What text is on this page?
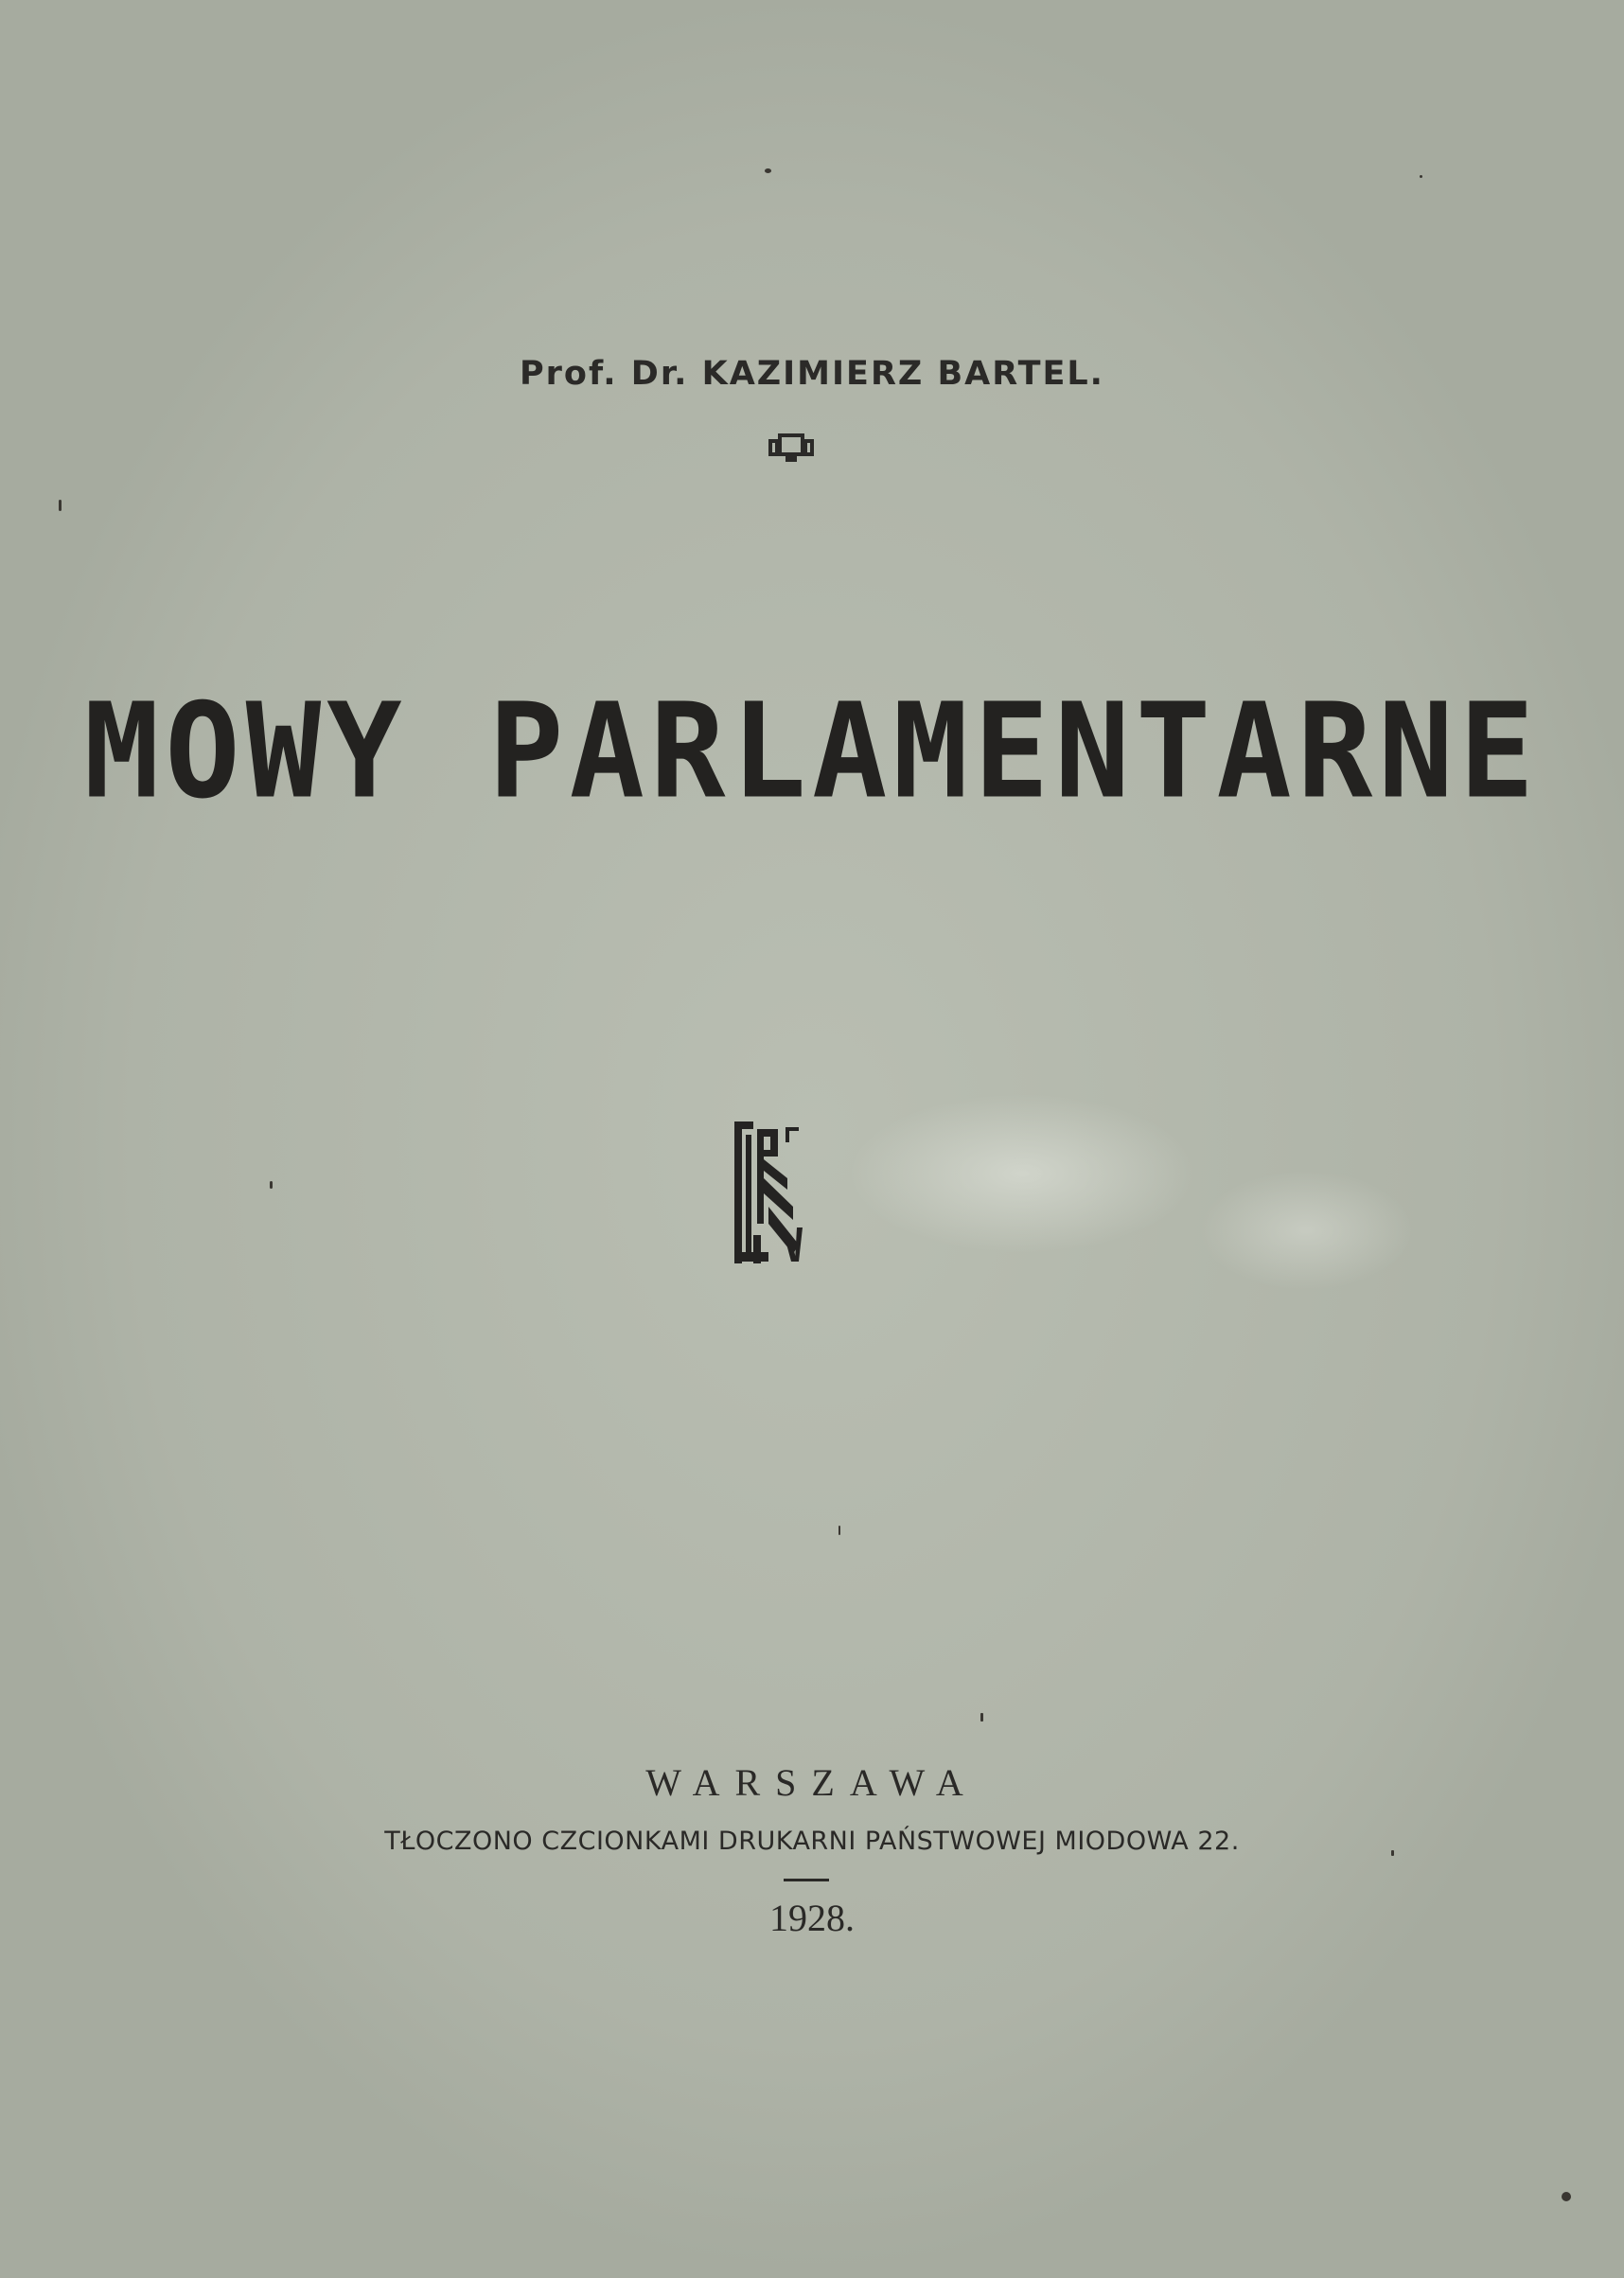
Prof. Dr. KAZIMIERZ BARTEL.
MOWY PARLAMENTARNE
WARSZAWA
TŁOCZONO CZCIONKAMI DRUKARNI PAŃSTWOWEJ MIODOWA 22.
1928.
